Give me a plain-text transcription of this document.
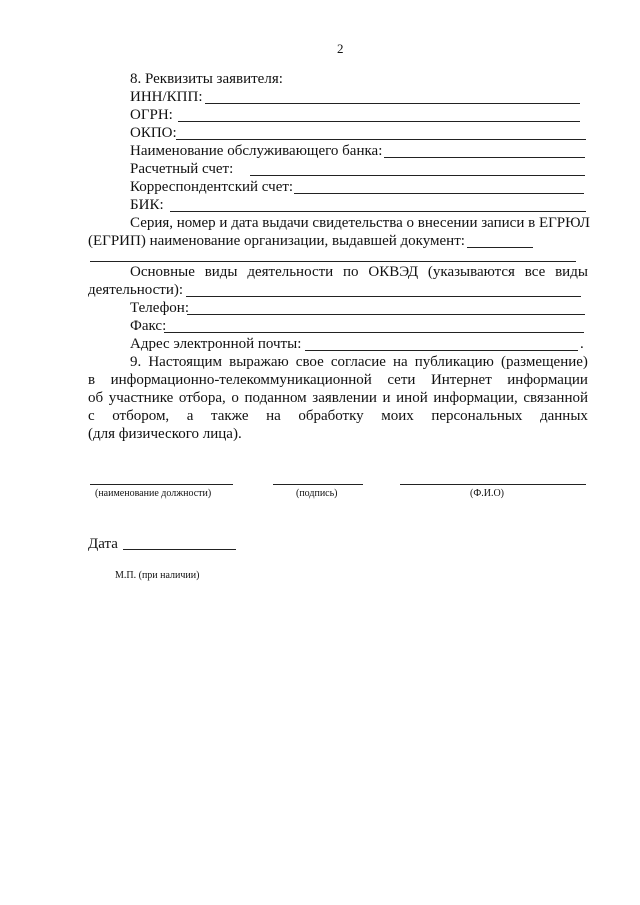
2
8. Реквизиты заявителя:
ИНН/КПП:
ОГРН:
ОКПО:
Наименование обслуживающего банка:
Расчетный счет:
Корреспондентский счет:
БИК:
Серия, номер и дата выдачи свидетельства о внесении записи в ЕГРЮЛ
(ЕГРИП) наименование организации, выдавшей документ:
Основные виды деятельности по ОКВЭД (указываются все виды
деятельности):
Телефон:
Факс:
Адрес электронной почты:	.
9. Настоящим выражаю свое согласие на публикацию (размещение)
в информационно-телекоммуникационной сети Интернет информации
об участнике отбора, о поданном заявлении и иной информации, связанной
с отбором, а также на обработку моих персональных данных
(для физического лица).
(наименование должности)	(подпись)	(Ф.И.О)
Дата
М.П. (при наличии)
